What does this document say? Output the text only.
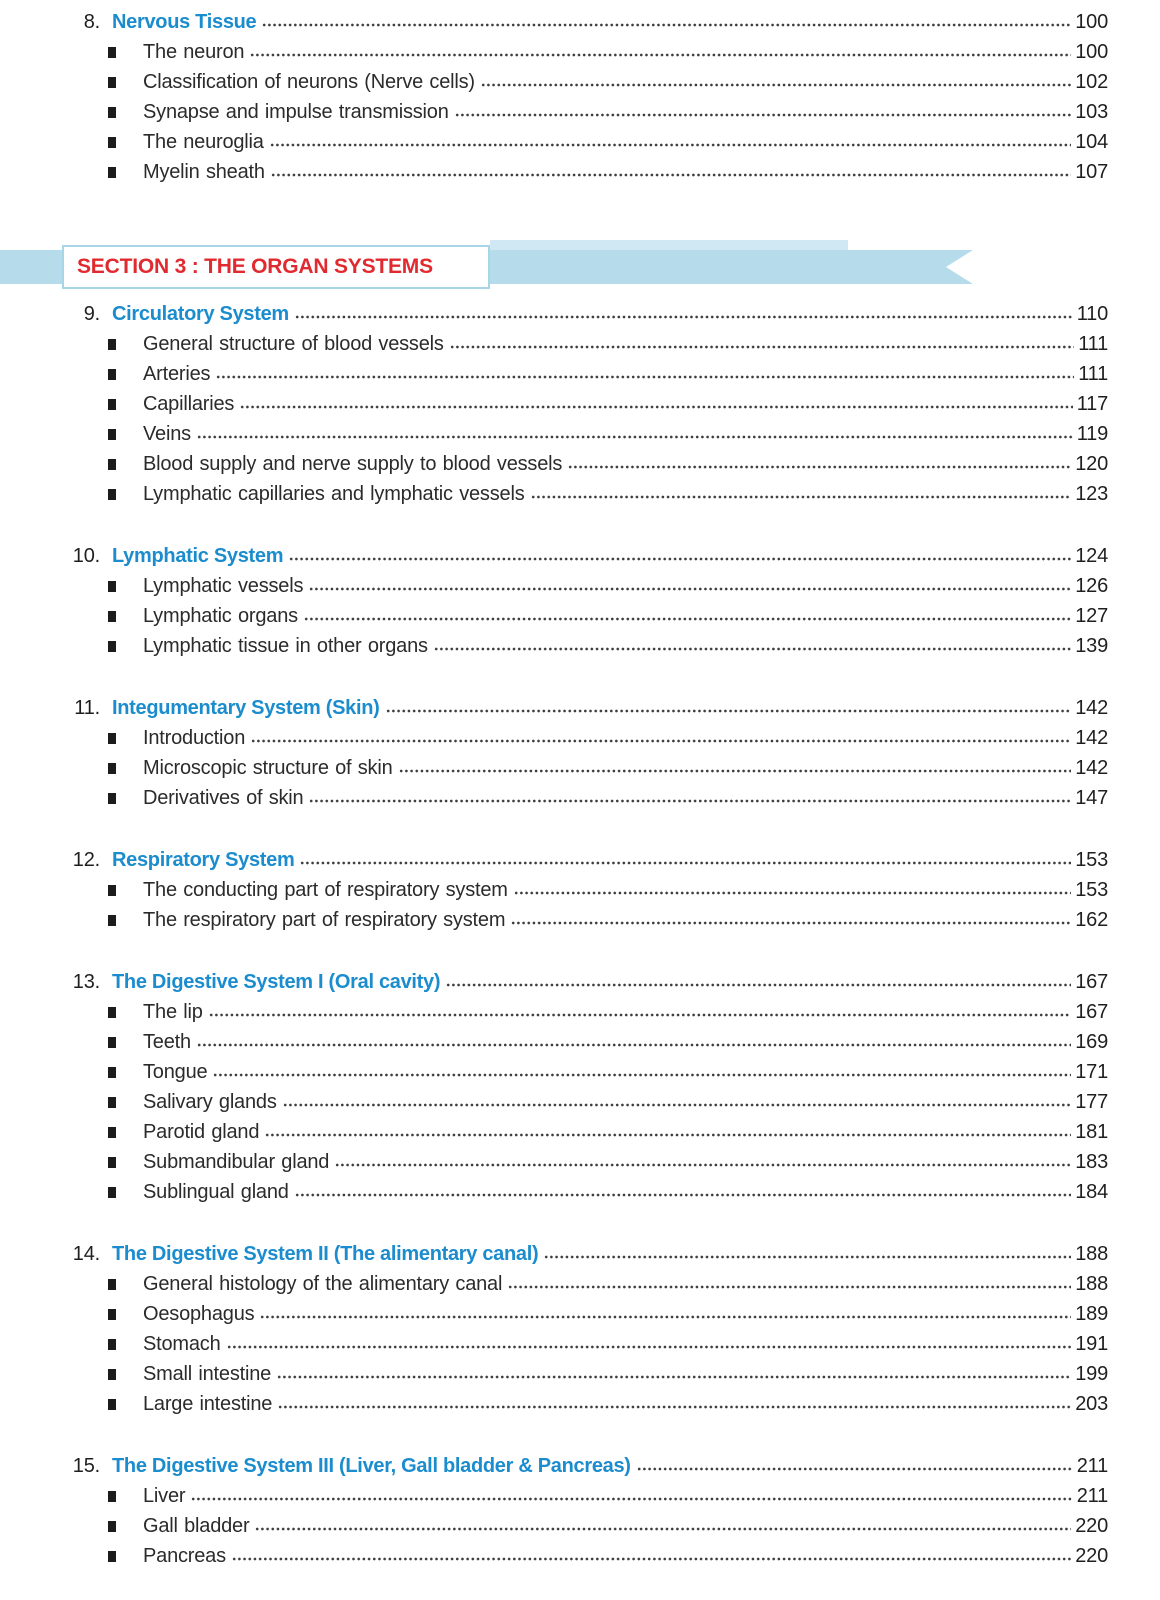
8. Nervous Tissue	100
The neuron	100
Classification of neurons (Nerve cells)	102
Synapse and impulse transmission	103
The neuroglia	104
Myelin sheath	107
SECTION 3 : THE ORGAN SYSTEMS
9. Circulatory System	110
General structure of blood vessels	111
Arteries	111
Capillaries	117
Veins	119
Blood supply and nerve supply to blood vessels	120
Lymphatic capillaries and lymphatic vessels	123
10. Lymphatic System	124
Lymphatic vessels	126
Lymphatic organs	127
Lymphatic tissue in other organs	139
11. Integumentary System (Skin)	142
Introduction	142
Microscopic structure of skin	142
Derivatives of skin	147
12. Respiratory System	153
The conducting part of respiratory system	153
The respiratory part of respiratory system	162
13. The Digestive System I (Oral cavity)	167
The lip	167
Teeth	169
Tongue	171
Salivary glands	177
Parotid gland	181
Submandibular gland	183
Sublingual gland	184
14. The Digestive System II (The alimentary canal)	188
General histology of the alimentary canal	188
Oesophagus	189
Stomach	191
Small intestine	199
Large intestine	203
15. The Digestive System III (Liver, Gall bladder & Pancreas)	211
Liver	211
Gall bladder	220
Pancreas	220
